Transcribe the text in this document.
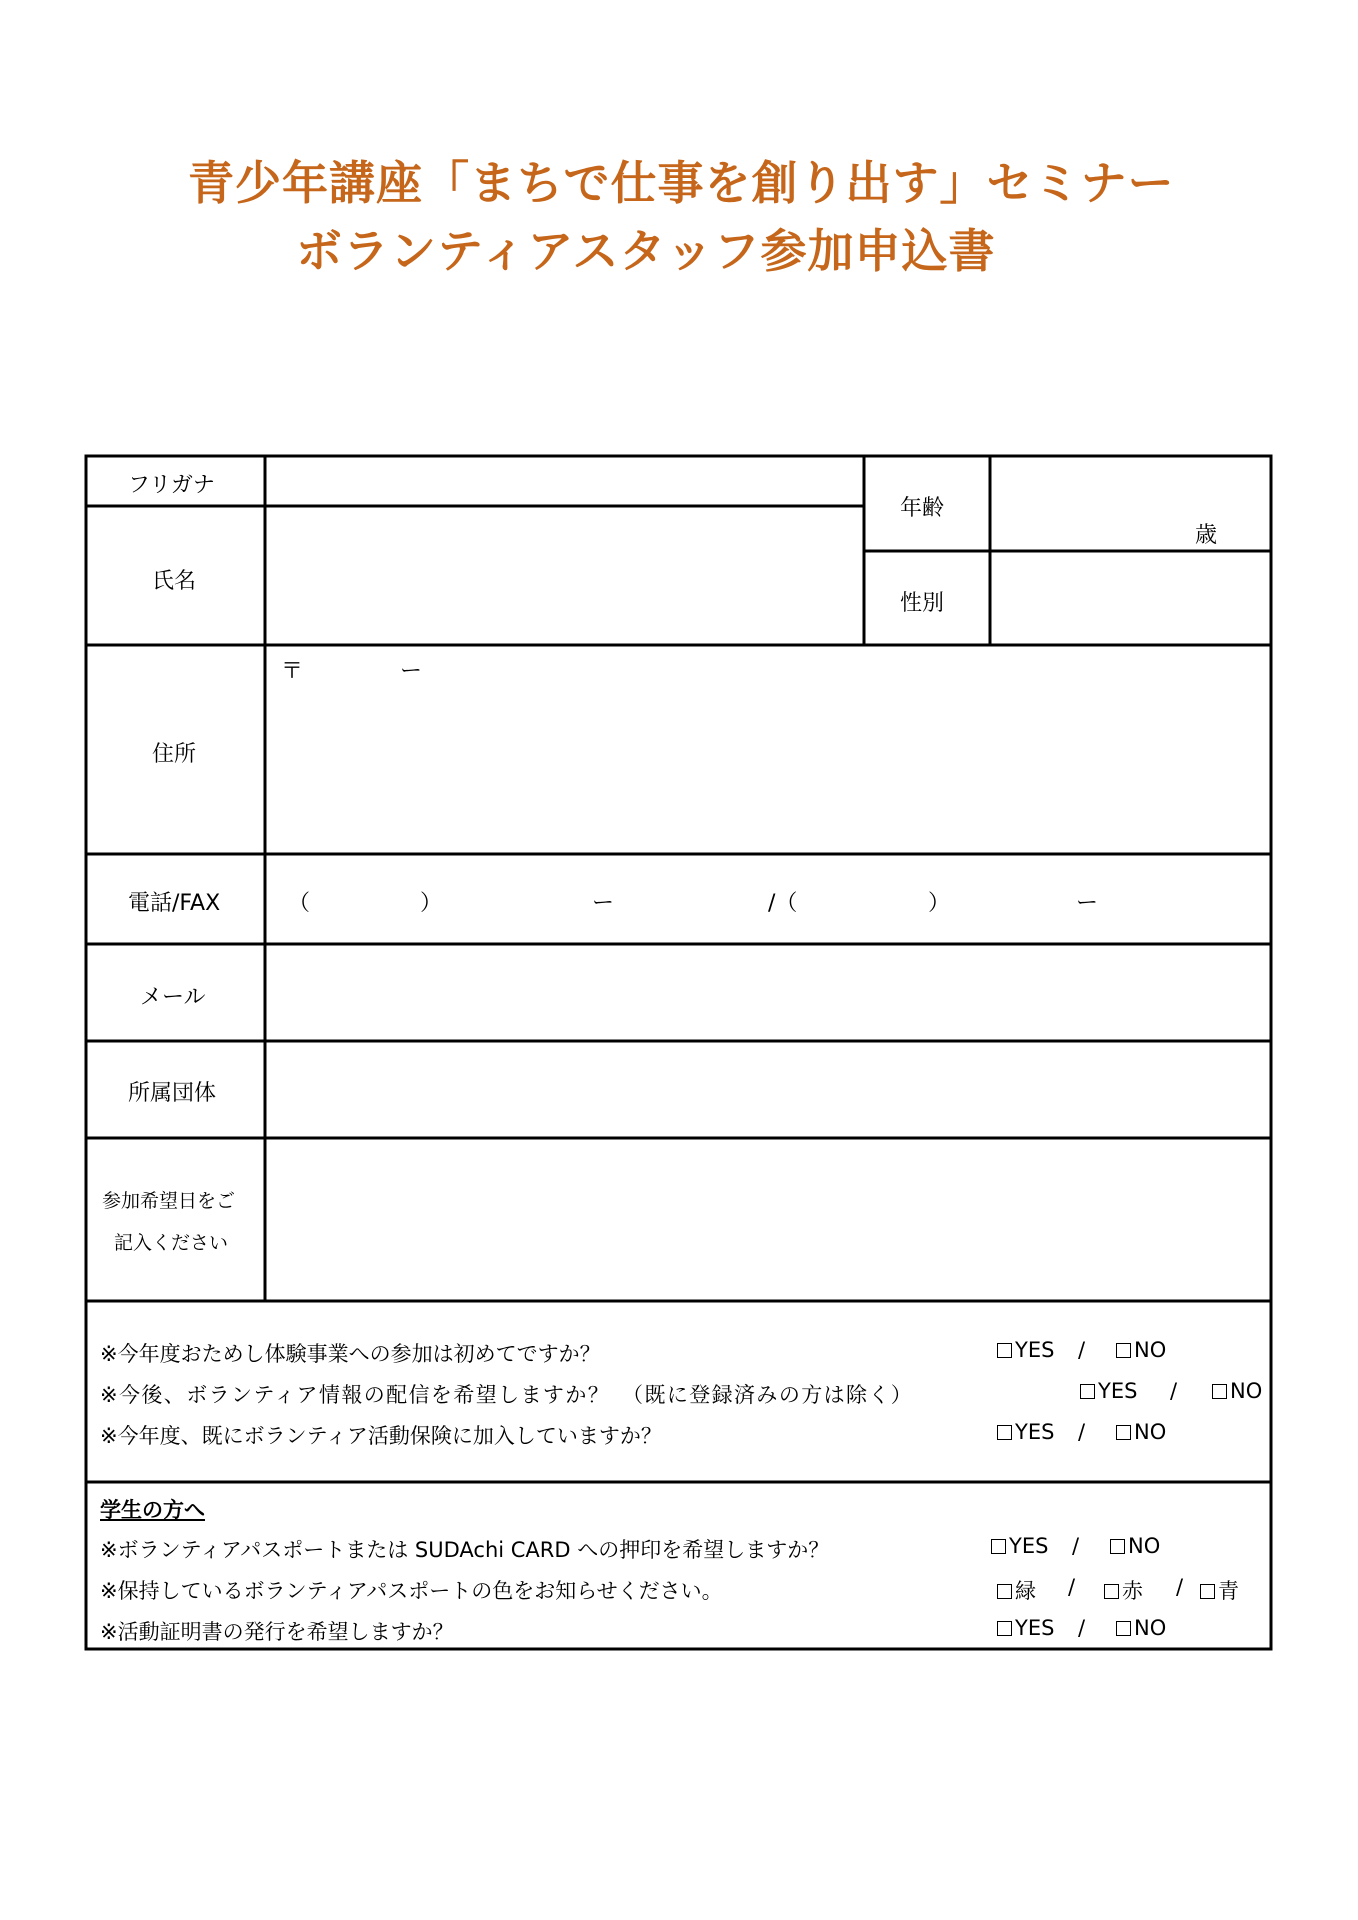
青少年講座「まちで仕事を創り出す」セミナー
ボランティアスタッフ参加申込書
フリガナ
氏名
年齢
歳
性別
住所
〒	ー
電話/FAX	（	）	ー	/（	）	ー
メール
所属団体
参加希望日をご
記入ください
※今年度おためし体験事業への参加は初めてですか？	YES /	NO
※今後、ボランティア情報の配信を希望しますか？　（既に登録済みの方は除く）	YES /	NO
※今年度、既にボランティア活動保険に加入していますか？	YES /	NO
学生の方へ
※ボランティアパスポートまたは SUDAchi CARD への押印を希望しますか？	YES /	NO
※保持しているボランティアパスポートの色をお知らせください。	緑 /	赤 /	青
※活動証明書の発行を希望しますか？	YES /	NO
